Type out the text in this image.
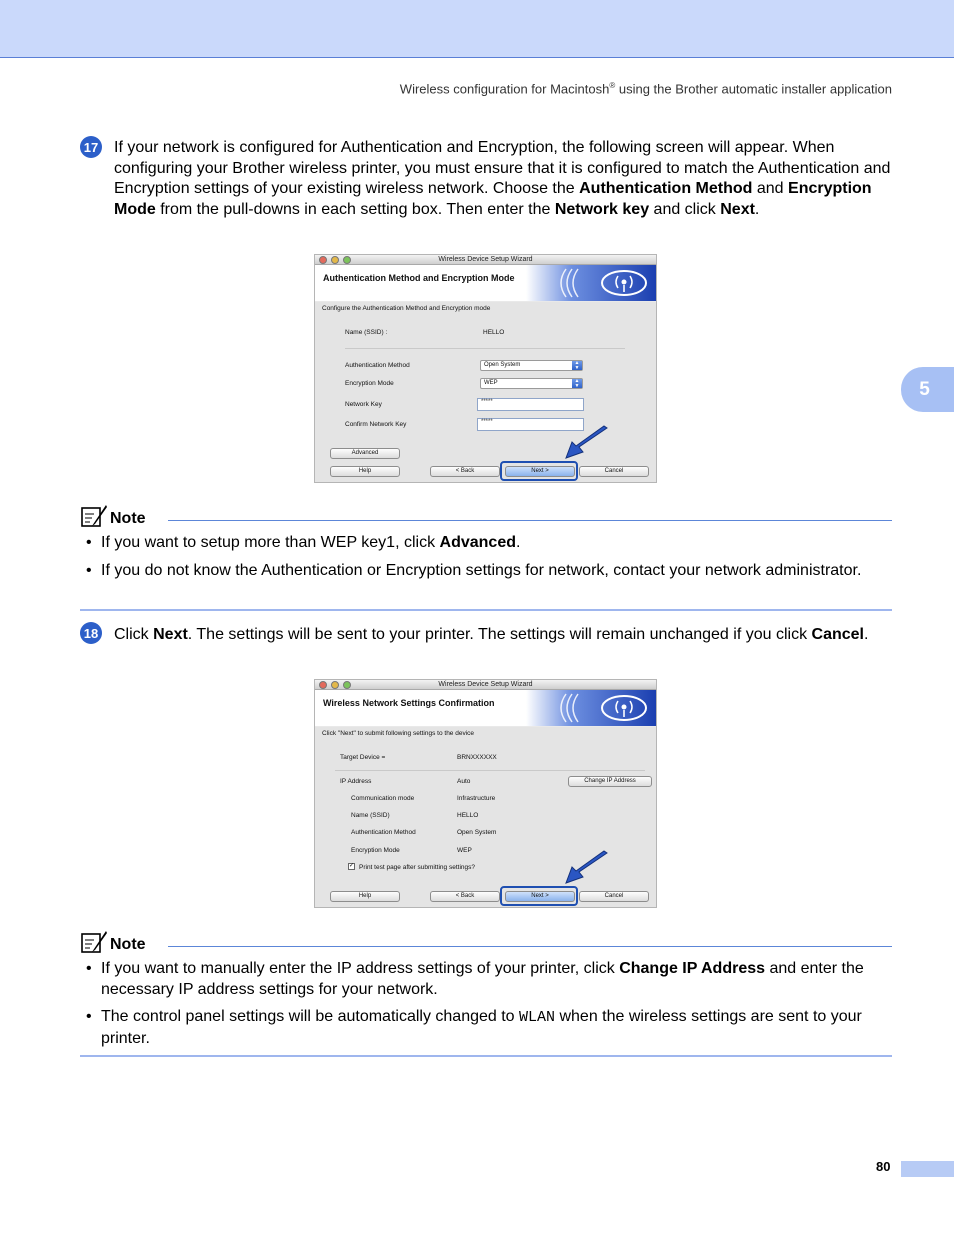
Wireless configuration for Macintosh® using the Brother automatic installer application
5
17 If your network is configured for Authentication and Encryption, the following screen will appear. When configuring your Brother wireless printer, you must ensure that it is configured to match the Authentication and Encryption settings of your existing wireless network. Choose the Authentication Method and Encryption Mode from the pull-downs in each setting box. Then enter the Network key and click Next.
Wireless Device Setup Wizard
Authentication Method and Encryption Mode
Configure the Authentication Method and Encryption mode
Name (SSID) :	HELLO
Authentication Method	Open System	▲
▼
Encryption Mode	WEP	▲
▼
Network Key	*****
Confirm Network Key	*****
Advanced
Help	< Back	Next >	Cancel
Note
• If you want to setup more than WEP key1, click Advanced.
• If you do not know the Authentication or Encryption settings for network, contact your network administrator.
18 Click Next. The settings will be sent to your printer. The settings will remain unchanged if you click Cancel.
Wireless Device Setup Wizard
Wireless Network Settings Confirmation
Click "Next" to submit following settings to the device
Target Device =	BRNXXXXXX
IP Address	Auto	Change IP Address
Communication mode	Infrastructure
Name (SSID)	HELLO
Authentication Method	Open System
Encryption Mode	WEP
✓ Print test page after submitting settings?
Help	< Back	Next >	Cancel
Note
• If you want to manually enter the IP address settings of your printer, click Change IP Address and enter the necessary IP address settings for your network.
• The control panel settings will be automatically changed to WLAN when the wireless settings are sent to your printer.
80
